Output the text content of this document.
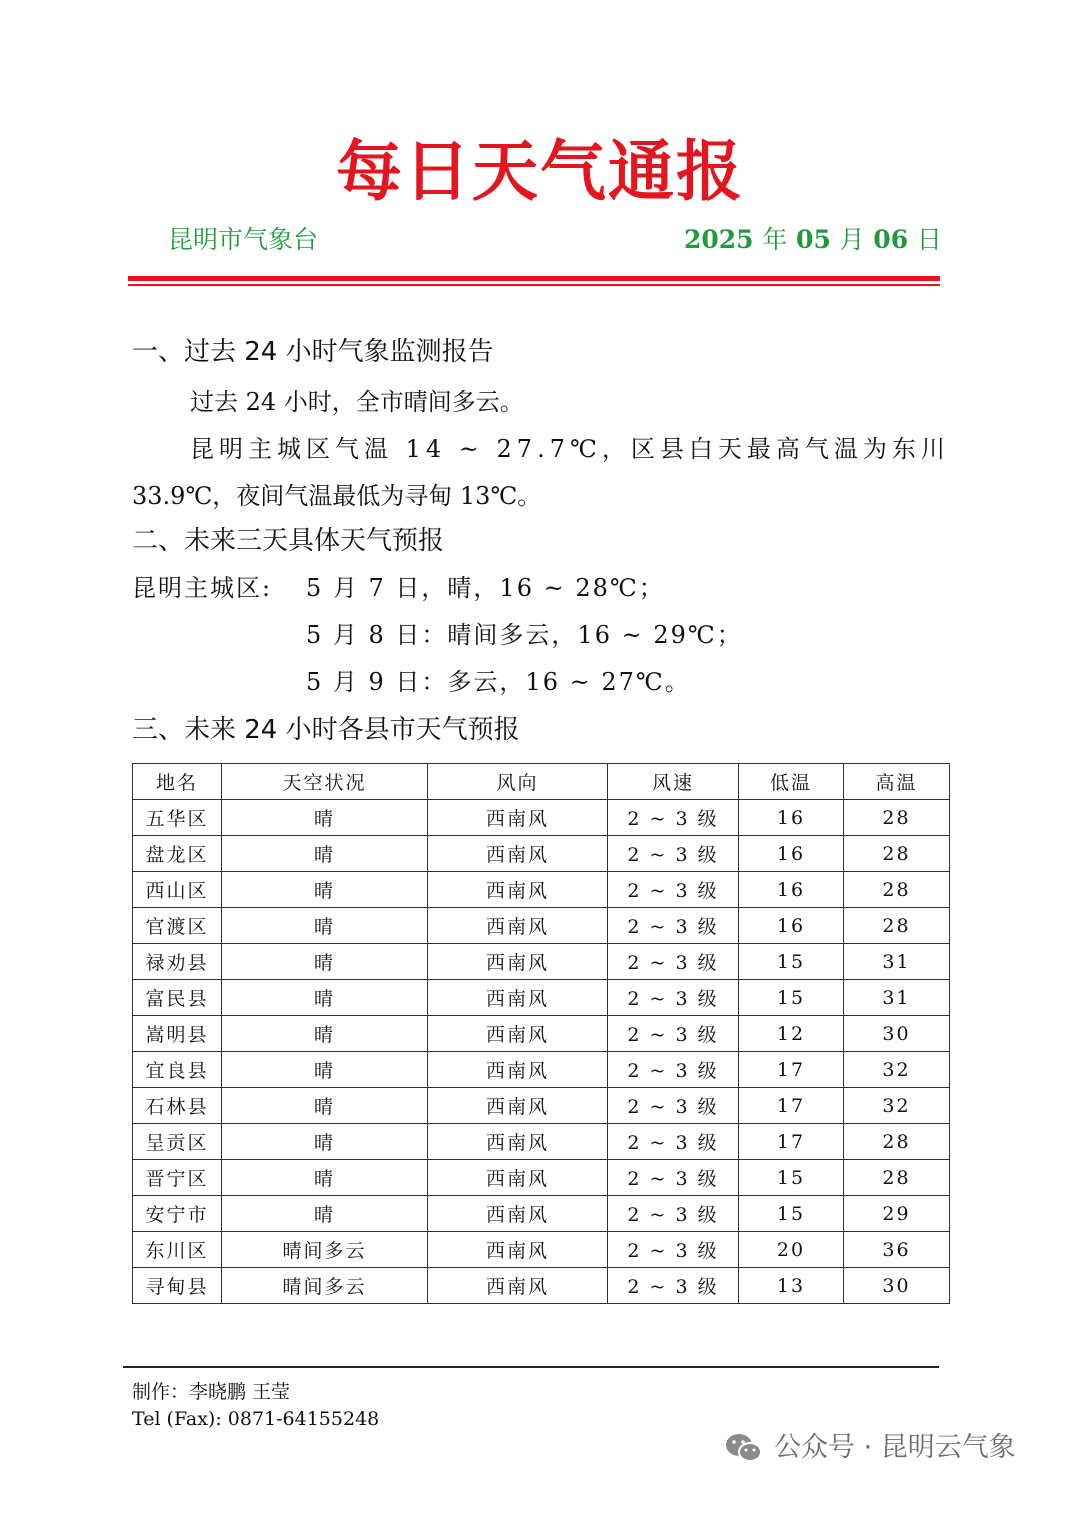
每日天气通报
昆明市气象台	2025 年 05 月 06 日
一、过去 24 小时气象监测报告
过去 24 小时，全市晴间多云。
昆明主城区气温 14 ~ 27.7℃，区县白天最高气温为东川
33.9℃，夜间气温最低为寻甸 13℃。
二、未来三天具体天气预报
昆明主城区: 5 月 7 日，晴，16 ~ 28℃；
5 月 8 日：晴间多云，16 ~ 29℃；
5 月 9 日：多云，16 ~ 27℃。
三、未来 24 小时各县市天气预报
地名	天空状况	风向	风速	低温	高温
五华区	晴	西南风	2 ~ 3 级	16	28
盘龙区	晴	西南风	2 ~ 3 级	16	28
西山区	晴	西南风	2 ~ 3 级	16	28
官渡区	晴	西南风	2 ~ 3 级	16	28
禄劝县	晴	西南风	2 ~ 3 级	15	31
富民县	晴	西南风	2 ~ 3 级	15	31
嵩明县	晴	西南风	2 ~ 3 级	12	30
宜良县	晴	西南风	2 ~ 3 级	17	32
石林县	晴	西南风	2 ~ 3 级	17	32
呈贡区	晴	西南风	2 ~ 3 级	17	28
晋宁区	晴	西南风	2 ~ 3 级	15	28
安宁市	晴	西南风	2 ~ 3 级	15	29
东川区	晴间多云	西南风	2 ~ 3 级	20	36
寻甸县	晴间多云	西南风	2 ~ 3 级	13	30
制作：李晓鹏 王莹
Tel (Fax): 0871-64155248
公众号 · 昆明云气象
